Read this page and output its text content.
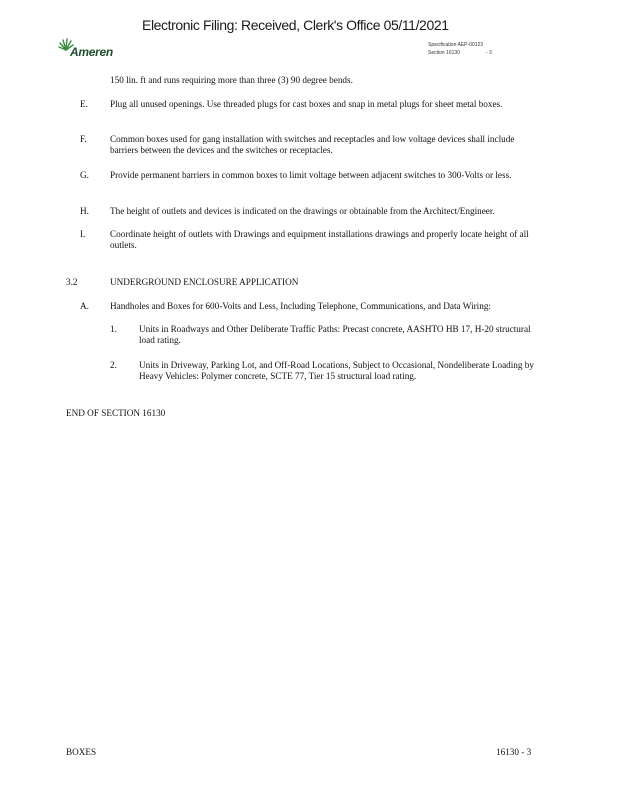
Electronic Filing: Received, Clerk's Office 05/11/2021
Ameren	Specification AEP-00123
Section 16130	- 3
150 lin. ft and runs requiring more than three (3) 90 degree bends.
E. Plug all unused openings. Use threaded plugs for cast boxes and snap in metal plugs for sheet metal boxes.
F.	Common boxes used for gang installation with switches and receptacles and low voltage devices shall include barriers between the devices and the switches or receptacles.
G. Provide permanent barriers in common boxes to limit voltage between adjacent switches to 300-Volts or less.
H. The height of outlets and devices is indicated on the drawings or obtainable from the Architect/Engineer.
I.	Coordinate height of outlets with Drawings and equipment installations drawings and properly locate height of all outlets.
3.2	UNDERGROUND ENCLOSURE APPLICATION
A. Handholes and Boxes for 600-Volts and Less, Including Telephone, Communications, and Data Wiring:
1. Units in Roadways and Other Deliberate Traffic Paths: Precast concrete, AASHTO HB 17, H-20 structural load rating.
2. Units in Driveway, Parking Lot, and Off-Road Locations, Subject to Occasional, Nondeliberate Loading by Heavy Vehicles: Polymer concrete, SCTE 77, Tier 15 structural load rating.
END OF SECTION 16130
BOXES	16130 - 3
